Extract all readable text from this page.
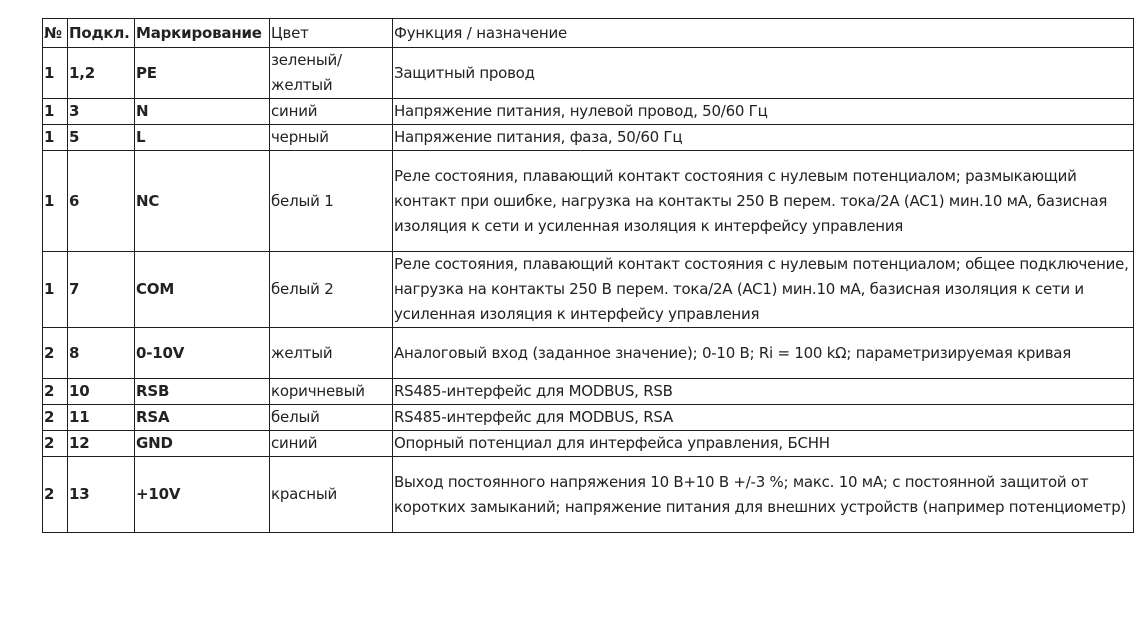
№	Подкл.	Маркирование	Цвет	Функция / назначение
1	1,2	PE	зеленый/желтый	Защитный провод
1	3	N	синий	Напряжение питания, нулевой провод, 50/60 Гц
1	5	L	черный	Напряжение питания, фаза, 50/60 Гц
1	6	NC	белый 1	Реле состояния, плавающий контакт состояния с нулевым потенциалом; размыкающий контакт при ошибке, нагрузка на контакты 250 В перем. тока/2А (AC1) мин.10 мА, базисная изоляция к сети и усиленная изоляция к интерфейсу управления
1	7	COM	белый 2	Реле состояния, плавающий контакт состояния с нулевым потенциалом; общее подключение, нагрузка на контакты 250 В перем. тока/2А (AC1) мин.10 мА, базисная изоляция к сети и усиленная изоляция к интерфейсу управления
2	8	0-10V	желтый	Аналоговый вход (заданное значение); 0-10 В; Ri = 100 kΩ; параметризируемая кривая
2	10	RSB	коричневый	RS485-интерфейс для MODBUS, RSB
2	11	RSA	белый	RS485-интерфейс для MODBUS, RSA
2	12	GND	синий	Опорный потенциал для интерфейса управления, БСНН
2	13	+10V	красный	Выход постоянного напряжения 10 В+10 В +/-3 %; макс. 10 мА; с постоянной защитой от коротких замыканий; напряжение питания для внешних устройств (например потенциометр)
